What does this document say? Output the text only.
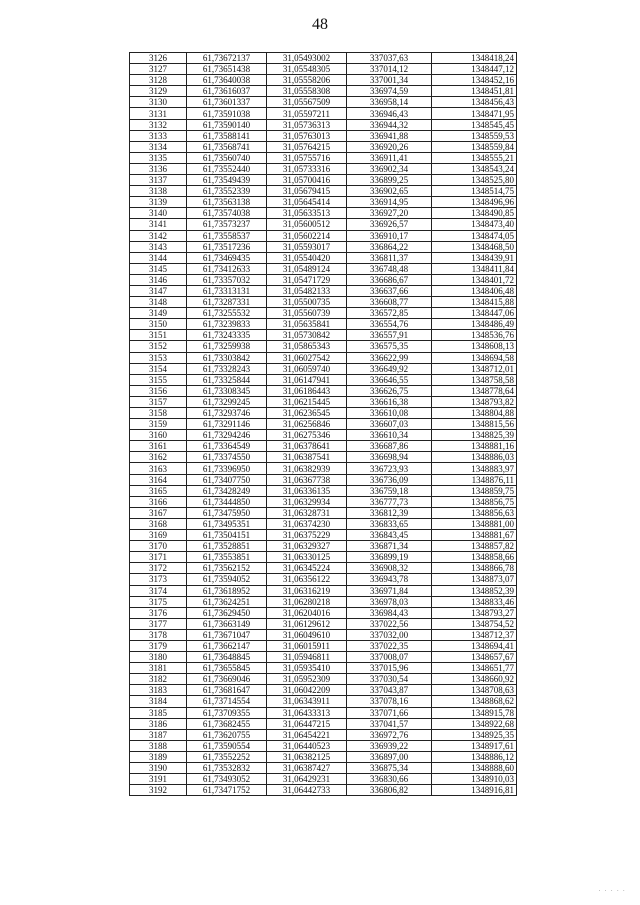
48
3126	61,73672137	31,05493002	337037,63	1348418,24
3127	61,73651438	31,05548305	337014,12	1348447,12
3128	61,73640038	31,05558206	337001,34	1348452,16
3129	61,73616037	31,05558308	336974,59	1348451,81
3130	61,73601337	31,05567509	336958,14	1348456,43
3131	61,73591038	31,05597211	336946,43	1348471,95
3132	61,73590140	31,05736313	336944,32	1348545,45
3133	61,73588141	31,05763013	336941,88	1348559,53
3134	61,73568741	31,05764215	336920,26	1348559,84
3135	61,73560740	31,05755716	336911,41	1348555,21
3136	61,73552440	31,05733316	336902,34	1348543,24
3137	61,73549439	31,05700416	336899,25	1348525,80
3138	61,73552339	31,05679415	336902,65	1348514,75
3139	61,73563138	31,05645414	336914,95	1348496,96
3140	61,73574038	31,05633513	336927,20	1348490,85
3141	61,73573237	31,05600512	336926,57	1348473,40
3142	61,73558537	31,05602214	336910,17	1348474,05
3143	61,73517236	31,05593017	336864,22	1348468,50
3144	61,73469435	31,05540420	336811,37	1348439,91
3145	61,73412633	31,05489124	336748,48	1348411,84
3146	61,73357032	31,05471729	336686,67	1348401,72
3147	61,73313131	31,05482133	336637,66	1348406,48
3148	61,73287331	31,05500735	336608,77	1348415,88
3149	61,73255532	31,05560739	336572,85	1348447,06
3150	61,73239833	31,05635841	336554,76	1348486,49
3151	61,73243335	31,05730842	336557,91	1348536,76
3152	61,73259938	31,05865343	336575,35	1348608,13
3153	61,73303842	31,06027542	336622,99	1348694,58
3154	61,73328243	31,06059740	336649,92	1348712,01
3155	61,73325844	31,06147941	336646,55	1348758,58
3156	61,73308345	31,06186443	336626,75	1348778,64
3157	61,73299245	31,06215445	336616,38	1348793,82
3158	61,73293746	31,06236545	336610,08	1348804,88
3159	61,73291146	31,06256846	336607,03	1348815,56
3160	61,73294246	31,06275346	336610,34	1348825,39
3161	61,73364549	31,06378641	336687,86	1348881,16
3162	61,73374550	31,06387541	336698,94	1348886,03
3163	61,73396950	31,06382939	336723,93	1348883,97
3164	61,73407750	31,06367738	336736,09	1348876,11
3165	61,73428249	31,06336135	336759,18	1348859,75
3166	61,73444850	31,06329934	336777,73	1348856,75
3167	61,73475950	31,06328731	336812,39	1348856,63
3168	61,73495351	31,06374230	336833,65	1348881,00
3169	61,73504151	31,06375229	336843,45	1348881,67
3170	61,73528851	31,06329327	336871,34	1348857,82
3171	61,73553851	31,06330125	336899,19	1348858,66
3172	61,73562152	31,06345224	336908,32	1348866,78
3173	61,73594052	31,06356122	336943,78	1348873,07
3174	61,73618952	31,06316219	336971,84	1348852,39
3175	61,73624251	31,06280218	336978,03	1348833,46
3176	61,73629450	31,06204016	336984,43	1348793,27
3177	61,73663149	31,06129612	337022,56	1348754,52
3178	61,73671047	31,06049610	337032,00	1348712,37
3179	61,73662147	31,06015911	337022,35	1348694,41
3180	61,73648845	31,05946811	337008,07	1348657,67
3181	61,73655845	31,05935410	337015,96	1348651,77
3182	61,73669046	31,05952309	337030,54	1348660,92
3183	61,73681647	31,06042209	337043,87	1348708,63
3184	61,73714554	31,06343911	337078,16	1348868,62
3185	61,73709355	31,06433313	337071,66	1348915,78
3186	61,73682455	31,06447215	337041,57	1348922,68
3187	61,73620755	31,06454221	336972,76	1348925,35
3188	61,73590554	31,06440523	336939,22	1348917,61
3189	61,73552252	31,06382125	336897,00	1348886,12
3190	61,73532832	31,06387427	336875,34	1348888,60
3191	61,73493052	31,06429231	336830,66	1348910,03
3192	61,73471752	31,06442733	336806,82	1348916,81
· · · · ·
